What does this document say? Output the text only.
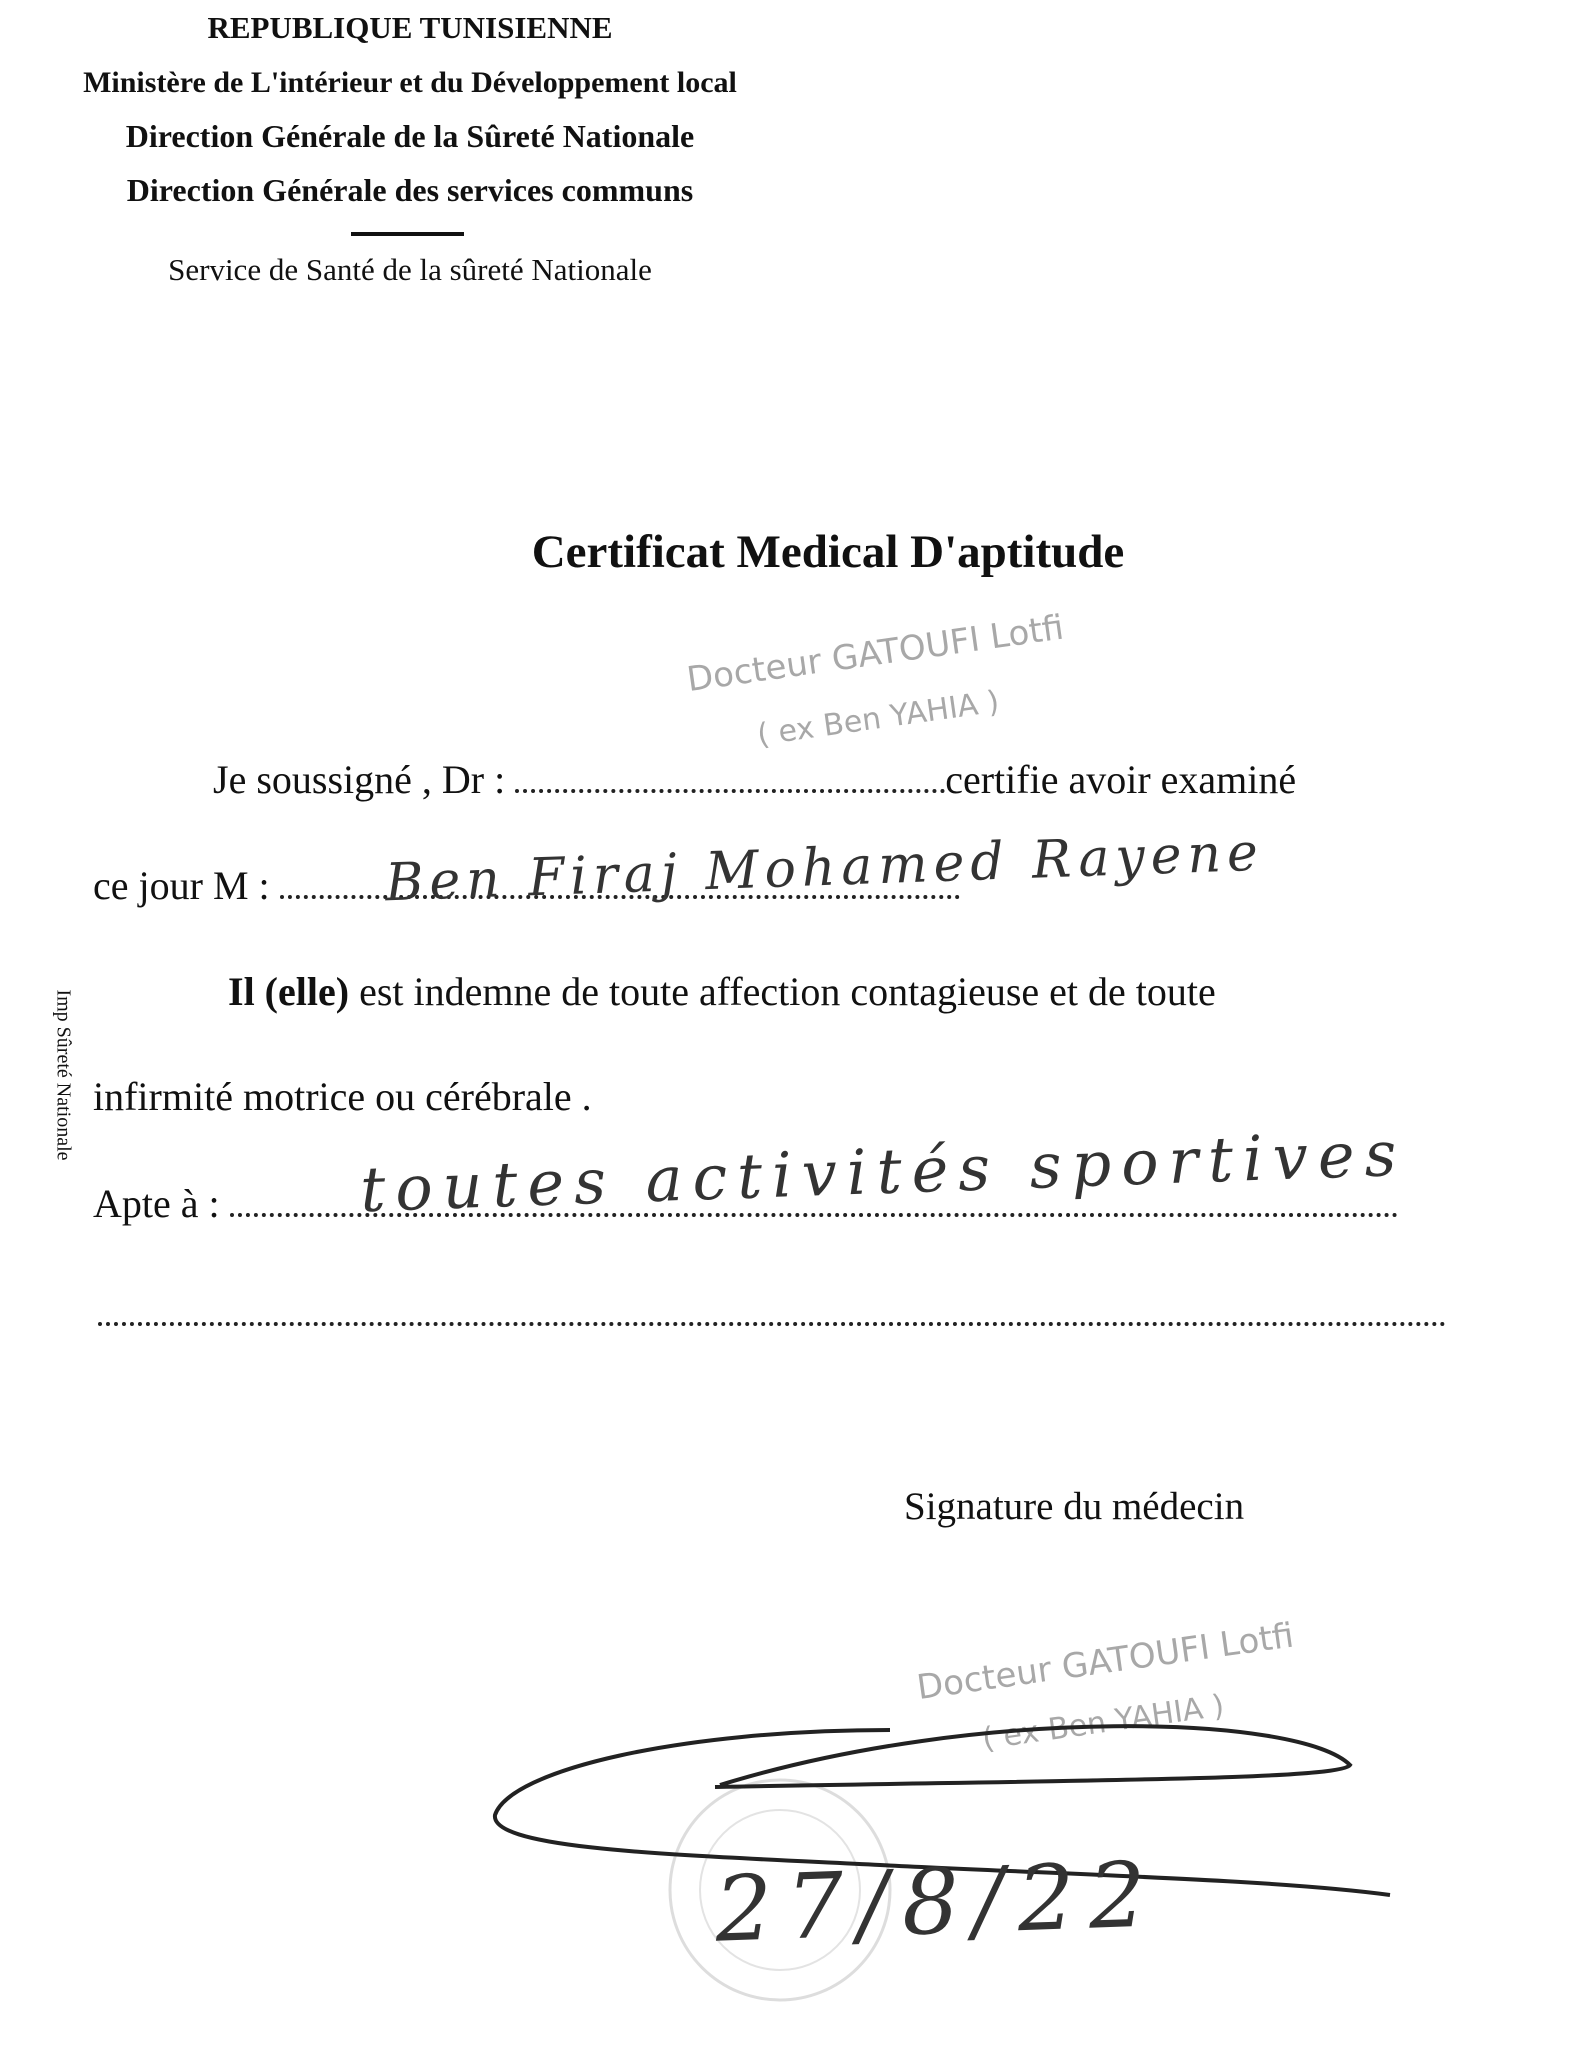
REPUBLIQUE TUNISIENNE
Ministère de L'intérieur et du Développement local
Direction Générale de la Sûreté Nationale
Direction Générale des services communs
Service de Santé de la sûreté Nationale
Certificat Medical D'aptitude
Docteur GATOUFI Lotfi
( ex Ben YAHIA )
Je soussigné , Dr :	certifie avoir examiné
ce jour M :	Ben Firaj Mohamed Rayene
Il (elle) est indemne de toute affection contagieuse et de toute
infirmité motrice ou cérébrale .
Imp Sûreté Nationale
Apte à :	toutes activités sportives
Signature du médecin
Docteur GATOUFI Lotfi
( ex Ben YAHIA )
27/8/22
